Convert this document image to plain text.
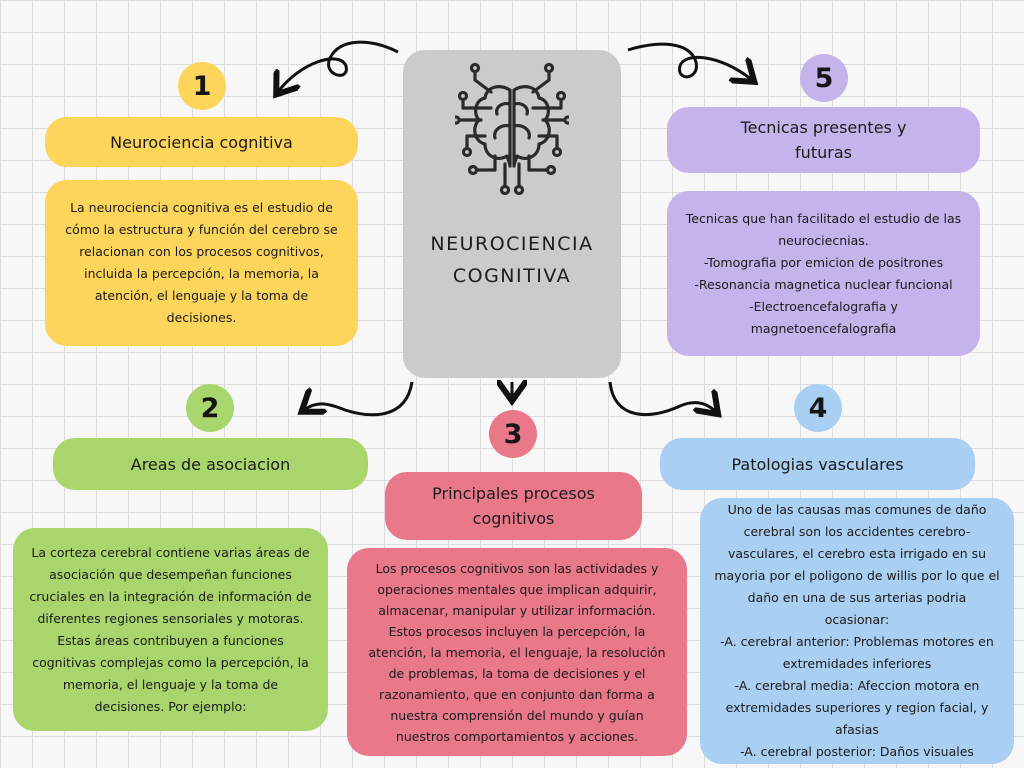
NEUROCIENCIA
COGNITIVA
1
Neurociencia cognitiva
La neurociencia cognitiva es el estudio de cómo la estructura y función del cerebro se relacionan con los procesos cognitivos, incluida la percepción, la memoria, la atención, el lenguaje y la toma de decisiones.
2
Areas de asociacion
La corteza cerebral contiene varias áreas de asociación que desempeñan funciones cruciales en la integración de información de diferentes regiones sensoriales y motoras. Estas áreas contribuyen a funciones cognitivas complejas como la percepción, la memoria, el lenguaje y la toma de decisiones. Por ejemplo:
3
Principales procesos
cognitivos
Los procesos cognitivos son las actividades y operaciones mentales que implican adquirir, almacenar, manipular y utilizar información. Estos procesos incluyen la percepción, la atención, la memoria, el lenguaje, la resolución de problemas, la toma de decisiones y el razonamiento, que en conjunto dan forma a nuestra comprensión del mundo y guían nuestros comportamientos y acciones.
4
Patologias vasculares
Uno de las causas mas comunes de daño cerebral son los accidentes cerebro-vasculares, el cerebro esta irrigado en su mayoria por el poligono de willis por lo que el daño en una de sus arterias podria ocasionar:
-A. cerebral anterior: Problemas motores en extremidades inferiores
-A. cerebral media: Afeccion motora en extremidades superiores y region facial, y afasias
-A. cerebral posterior: Daños visuales
5
Tecnicas presentes y
futuras
Tecnicas que han facilitado el estudio de las neurociecnias.
-Tomografia por emicion de positrones
-Resonancia magnetica nuclear funcional
-Electroencefalografia y magnetoencefalografia
